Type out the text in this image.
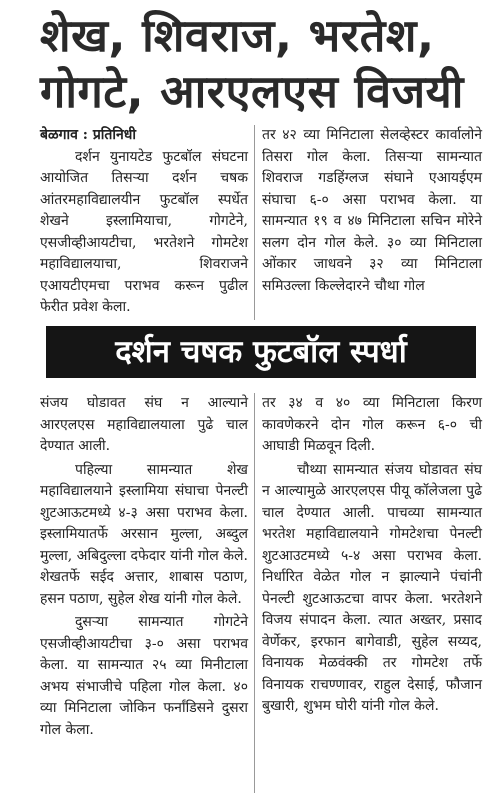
शेख, शिवराज, भरतेश,
गोगटे, आरएलएस विजयी

बेळगाव : प्रतिनिधी

दर्शन युनायटेड फुटबॉल संघटना आयोजित तिसऱ्या दर्शन चषक आंतरमहाविद्यालयीन फुटबॉल स्पर्धेत शेखने इस्लामियाचा, गोगटेने, एसजीव्हीआयटीचा, भरतेशने गोमटेश महाविद्यालयाचा, शिवराजने एआयटीएमचा पराभव करून पुढील फेरीत प्रवेश केला.

तर ४२ व्या मिनिटाला सेलव्हेस्टर कार्वालोने तिसरा गोल केला. तिसऱ्या सामन्यात शिवराज गडहिंग्लज संघाने एआयईएम संघाचा ६-० असा पराभव केला. या सामन्यात १९ व ४७ मिनिटाला सचिन मोरेने सलग दोन गोल केले. ३० व्या मिनिटाला ओंकार जाधवने ३२ व्या मिनिटाला समिउल्ला किल्लेदारने चौथा गोल

दर्शन चषक फुटबॉल स्पर्धा

संजय घोडावत संघ न आल्याने आरएलएस महाविद्यालयाला पुढे चाल देण्यात आली.

पहिल्या सामन्यात शेख महाविद्यालयाने इस्लामिया संघाचा पेनल्टी शुटआऊटमध्ये ४-३ असा पराभव केला. इस्लामियातर्फे अरसान मुल्ला, अब्दुल मुल्ला, अबिदुल्ला दफेदार यांनी गोल केले. शेखतर्फे सईद अत्तार, शाबास पठाण, हसन पठाण, सुहेल शेख यांनी गोल केले.

दुसऱ्या सामन्यात गोगटेने एसजीव्हीआयटीचा ३-० असा पराभव केला. या सामन्यात २५ व्या मिनीटाला अभय संभाजीचे पहिला गोल केला. ४० व्या मिनिटाला जोकिन फर्नांडिसने दुसरा गोल केला.

तर ३४ व ४० व्या मिनिटाला किरण कावणेकरने दोन गोल करून ६-० ची आघाडी मिळवून दिली.

चौथ्या सामन्यात संजय घोडावत संघ न आल्यामुळे आरएलएस पीयू कॉलेजला पुढे चाल देण्यात आली. पाचव्या सामन्यात भरतेश महाविद्यालयाने गोमटेशचा पेनल्टी शुटआउटमध्ये ५-४ असा पराभव केला. निर्धारित वेळेत गोल न झाल्याने पंचांनी पेनल्टी शुटआऊटचा वापर केला. भरतेशने विजय संपादन केला. त्यात अख्तर, प्रसाद वेर्णेकर, इरफान बागेवाडी, सुहेल सय्यद, विनायक मेळवंक्की तर गोमटेश तर्फे विनायक राचण्णावर, राहुल देसाई, फौजान बुखारी, शुभम घोरी यांनी गोल केले.
